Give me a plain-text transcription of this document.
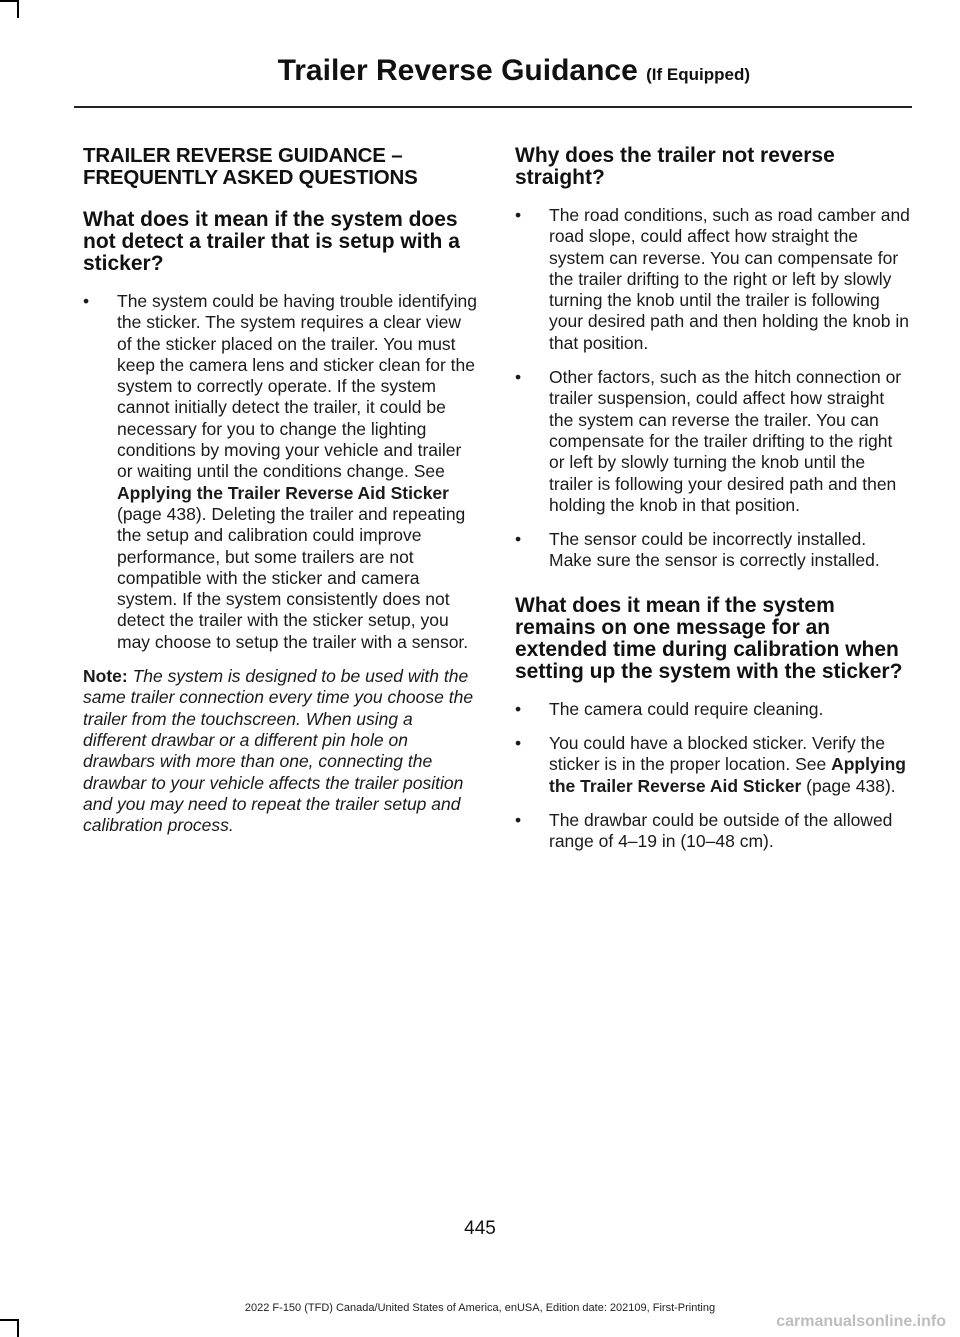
Trailer Reverse Guidance (If Equipped)
TRAILER REVERSE GUIDANCE – FREQUENTLY ASKED QUESTIONS
What does it mean if the system does not detect a trailer that is setup with a sticker?
•	The system could be having trouble identifying the sticker. The system requires a clear view of the sticker placed on the trailer. You must keep the camera lens and sticker clean for the system to correctly operate. If the system cannot initially detect the trailer, it could be necessary for you to change the lighting conditions by moving your vehicle and trailer or waiting until the conditions change. See Applying the Trailer Reverse Aid Sticker (page 438). Deleting the trailer and repeating the setup and calibration could improve performance, but some trailers are not compatible with the sticker and camera system. If the system consistently does not detect the trailer with the sticker setup, you may choose to setup the trailer with a sensor.
Note: The system is designed to be used with the same trailer connection every time you choose the trailer from the touchscreen. When using a different drawbar or a different pin hole on drawbars with more than one, connecting the drawbar to your vehicle affects the trailer position and you may need to repeat the trailer setup and calibration process.
Why does the trailer not reverse straight?
•	The road conditions, such as road camber and road slope, could affect how straight the system can reverse. You can compensate for the trailer drifting to the right or left by slowly turning the knob until the trailer is following your desired path and then holding the knob in that position.
•	Other factors, such as the hitch connection or trailer suspension, could affect how straight the system can reverse the trailer. You can compensate for the trailer drifting to the right or left by slowly turning the knob until the trailer is following your desired path and then holding the knob in that position.
•	The sensor could be incorrectly installed. Make sure the sensor is correctly installed.
What does it mean if the system remains on one message for an extended time during calibration when setting up the system with the sticker?
•	The camera could require cleaning.
•	You could have a blocked sticker. Verify the sticker is in the proper location. See Applying the Trailer Reverse Aid Sticker (page 438).
•	The drawbar could be outside of the allowed range of 4–19 in (10–48 cm).
445
2022 F-150 (TFD) Canada/United States of America, enUSA, Edition date: 202109, First-Printing
carmanualsonline.info
